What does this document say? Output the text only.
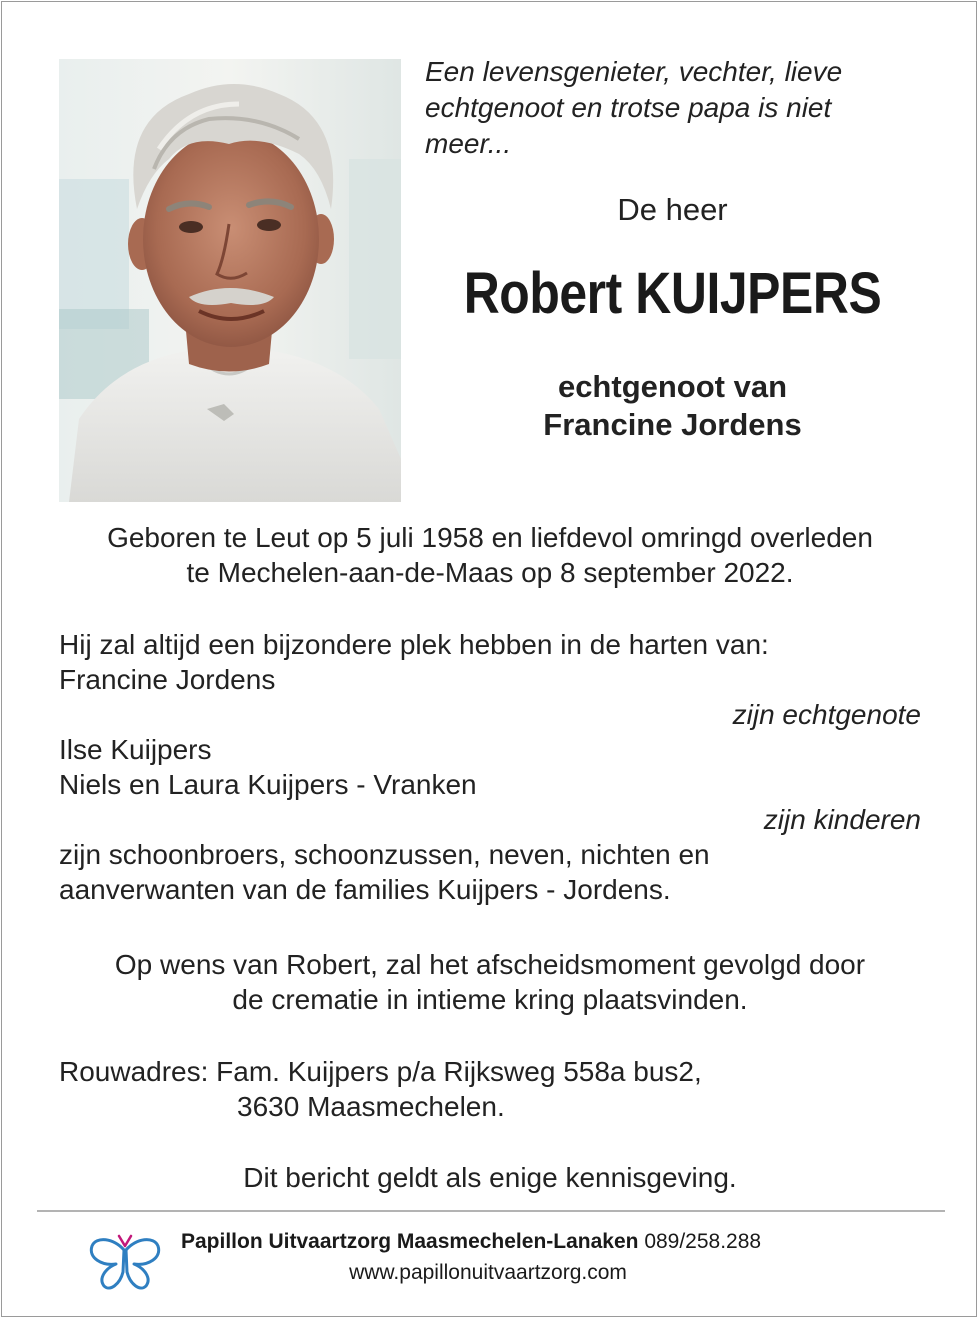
Een levensgenieter, vechter, lieve
echtgenoot en trotse papa is niet
meer...

De heer

Robert KUIJPERS
echtgenoot van
Francine Jordens
Geboren te Leut op 5 juli 1958 en liefdevol omringd overleden
te Mechelen-aan-de-Maas op 8 september 2022.
Hij zal altijd een bijzondere plek hebben in de harten van:
Francine Jordens
zijn echtgenote
Ilse Kuijpers
Niels en Laura Kuijpers - Vranken
zijn kinderen
zijn schoonbroers, schoonzussen, neven, nichten en
aanverwanten van de families Kuijpers - Jordens.
Op wens van Robert, zal het afscheidsmoment gevolgd door
de crematie in intieme kring plaatsvinden.
Rouwadres: Fam. Kuijpers p/a Rijksweg 558a bus2,
3630 Maasmechelen.
Dit bericht geldt als enige kennisgeving.
Papillon Uitvaartzorg Maasmechelen-Lanaken 089/258.288
www.papillonuitvaartzorg.com
